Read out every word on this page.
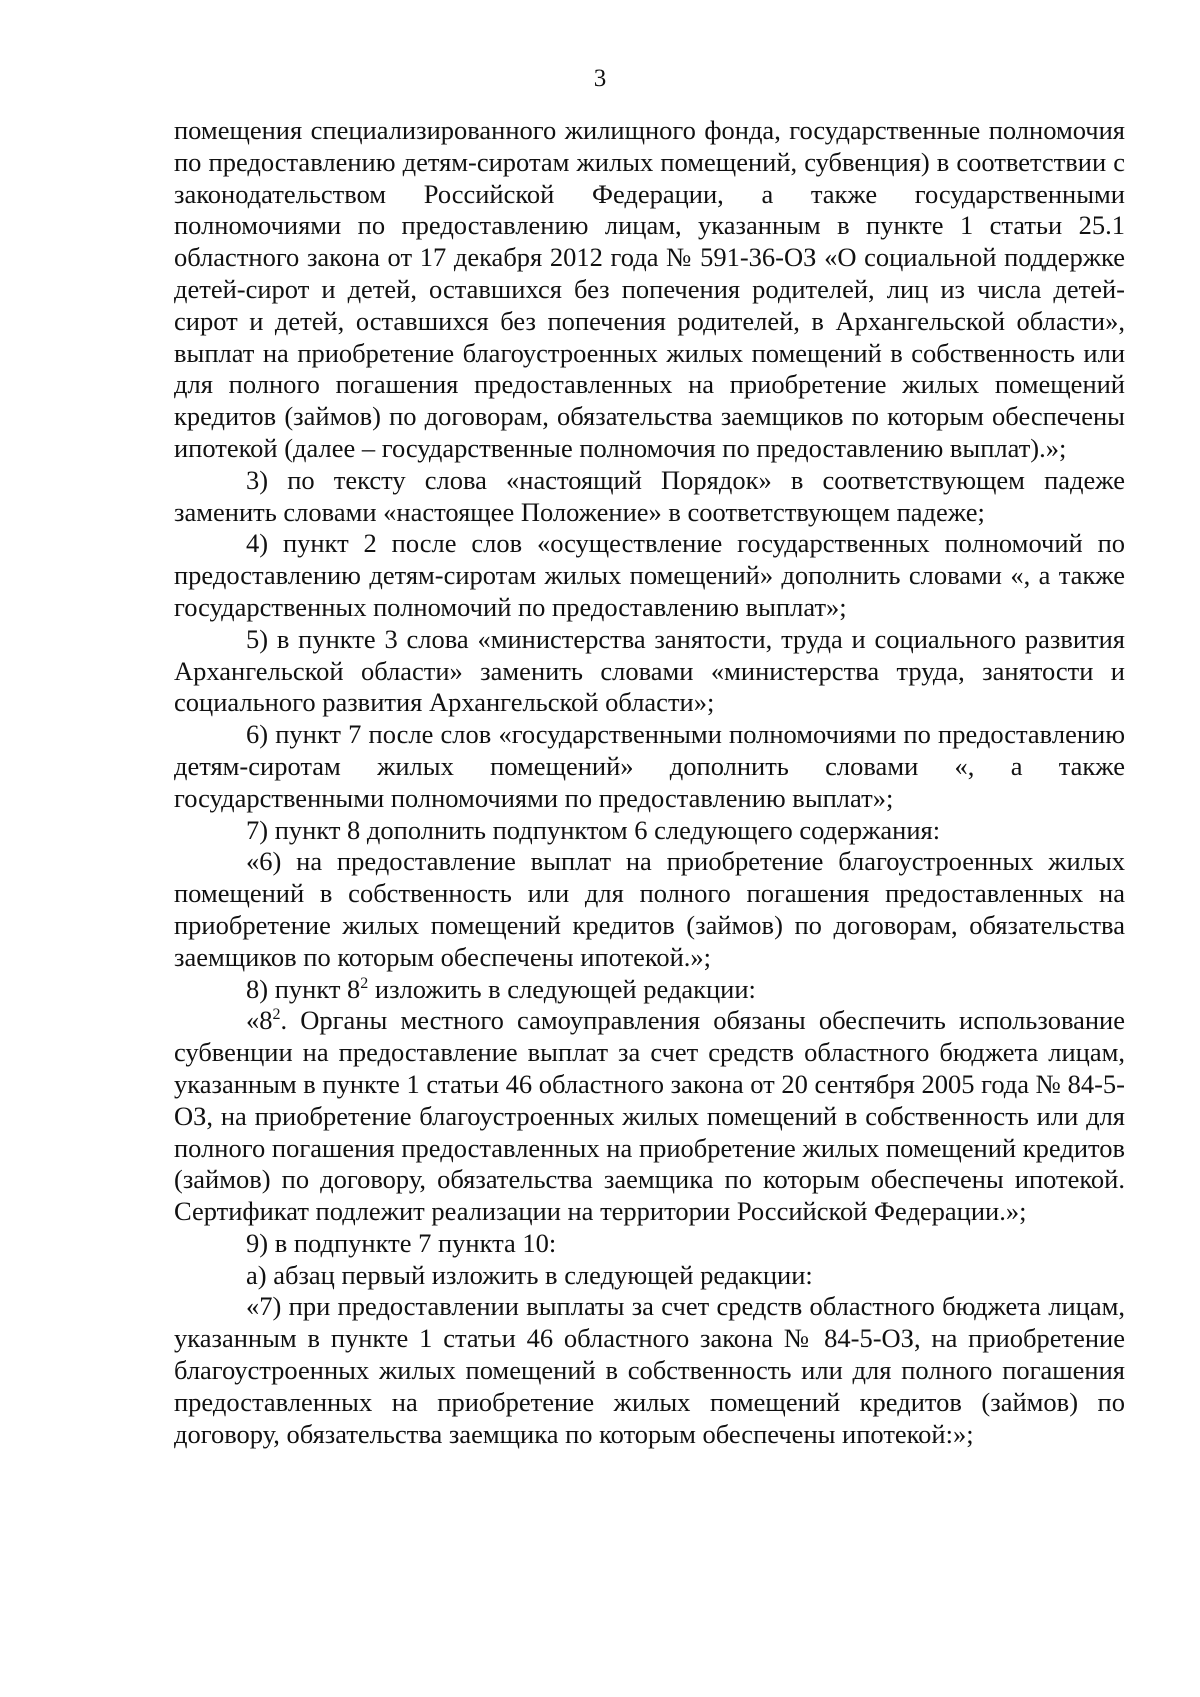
3

помещения специализированного жилищного фонда, государственные полномочия по предоставлению детям-сиротам жилых помещений, субвенция) в соответствии с законодательством Российской Федерации, а также государственными полномочиями по предоставлению лицам, указанным в пункте 1 статьи 25.1 областного закона от 17 декабря 2012 года № 591-36-ОЗ «О социальной поддержке детей-сирот и детей, оставшихся без попечения родителей, лиц из числа детей-сирот и детей, оставшихся без попечения родителей, в Архангельской области», выплат на приобретение благоустроенных жилых помещений в собственность или для полного погашения предоставленных на приобретение жилых помещений кредитов (займов) по договорам, обязательства заемщиков по которым обеспечены ипотекой (далее – государственные полномочия по предоставлению выплат).»;

3) по тексту слова «настоящий Порядок» в соответствующем падеже заменить словами «настоящее Положение» в соответствующем падеже;

4) пункт 2 после слов «осуществление государственных полномочий по предоставлению детям-сиротам жилых помещений» дополнить словами «, а также государственных полномочий по предоставлению выплат»;

5) в пункте 3 слова «министерства занятости, труда и социального развития Архангельской области» заменить словами «министерства труда, занятости и социального развития Архангельской области»;

6) пункт 7 после слов «государственными полномочиями по предоставлению детям-сиротам жилых помещений» дополнить словами «, а также государственными полномочиями по предоставлению выплат»;

7) пункт 8 дополнить подпунктом 6 следующего содержания:

«6) на предоставление выплат на приобретение благоустроенных жилых помещений в собственность или для полного погашения предоставленных на приобретение жилых помещений кредитов (займов) по договорам, обязательства заемщиков по которым обеспечены ипотекой.»;

8) пункт $8^2$ изложить в следующей редакции:

«$8^2$. Органы местного самоуправления обязаны обеспечить использование субвенции на предоставление выплат за счет средств областного бюджета лицам, указанным в пункте 1 статьи 46 областного закона от 20 сентября 2005 года № 84-5-ОЗ, на приобретение благоустроенных жилых помещений в собственность или для полного погашения предоставленных на приобретение жилых помещений кредитов (займов) по договору, обязательства заемщика по которым обеспечены ипотекой. Сертификат подлежит реализации на территории Российской Федерации.»;

9) в подпункте 7 пункта 10:

а) абзац первый изложить в следующей редакции:

«7) при предоставлении выплаты за счет средств областного бюджета лицам, указанным в пункте 1 статьи 46 областного закона № 84-5-ОЗ, на приобретение благоустроенных жилых помещений в собственность или для полного погашения предоставленных на приобретение жилых помещений кредитов (займов) по договору, обязательства заемщика по которым обеспечены ипотекой:»;
